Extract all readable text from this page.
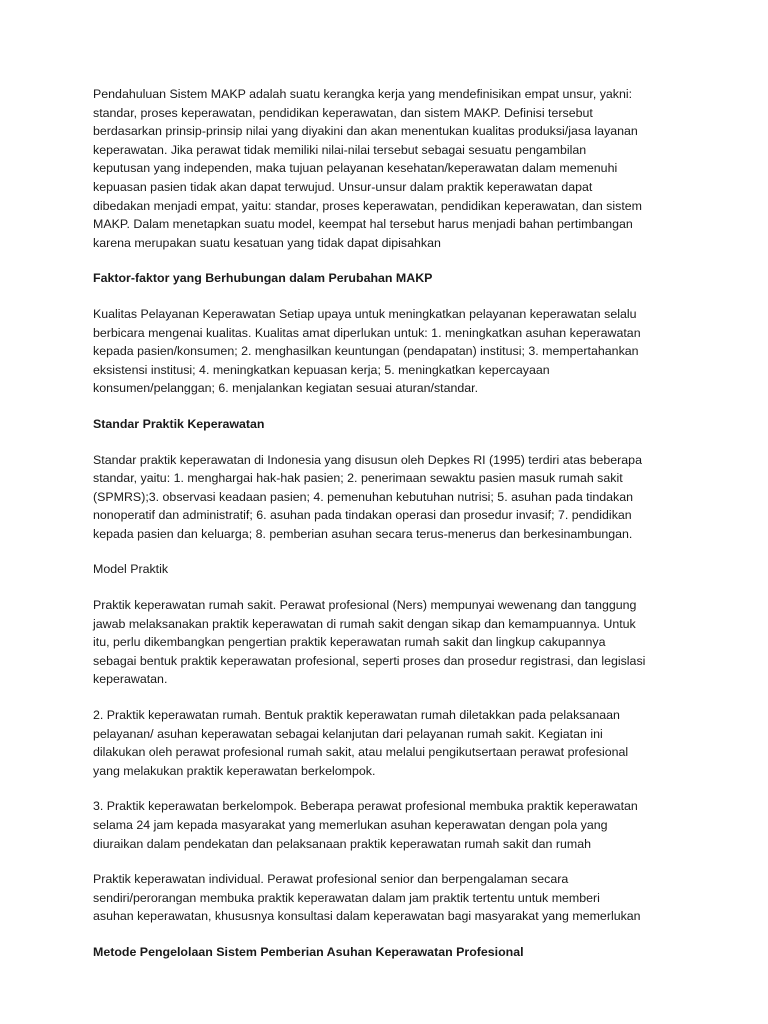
Pendahuluan Sistem MAKP adalah suatu kerangka kerja yang mendefinisikan empat unsur, yakni:
standar, proses keperawatan, pendidikan keperawatan, dan sistem MAKP. Definisi tersebut
berdasarkan prinsip-prinsip nilai yang diyakini dan akan menentukan kualitas produksi/jasa layanan
keperawatan. Jika perawat tidak memiliki nilai-nilai tersebut sebagai sesuatu pengambilan
keputusan yang independen, maka tujuan pelayanan kesehatan/keperawatan dalam memenuhi
kepuasan pasien tidak akan dapat terwujud. Unsur-unsur dalam praktik keperawatan dapat
dibedakan menjadi empat, yaitu: standar, proses keperawatan, pendidikan keperawatan, dan sistem
MAKP. Dalam menetapkan suatu model, keempat hal tersebut harus menjadi bahan pertimbangan
karena merupakan suatu kesatuan yang tidak dapat dipisahkan
Faktor-faktor yang Berhubungan dalam Perubahan MAKP
Kualitas Pelayanan Keperawatan Setiap upaya untuk meningkatkan pelayanan keperawatan selalu
berbicara mengenai kualitas. Kualitas amat diperlukan untuk: 1. meningkatkan asuhan keperawatan
kepada pasien/konsumen; 2. menghasilkan keuntungan (pendapatan) institusi; 3. mempertahankan
eksistensi institusi; 4. meningkatkan kepuasan kerja; 5. meningkatkan kepercayaan
konsumen/pelanggan; 6. menjalankan kegiatan sesuai aturan/standar.
Standar Praktik Keperawatan
Standar praktik keperawatan di Indonesia yang disusun oleh Depkes RI (1995) terdiri atas beberapa
standar, yaitu: 1. menghargai hak-hak pasien; 2. penerimaan sewaktu pasien masuk rumah sakit
(SPMRS);3. observasi keadaan pasien; 4. pemenuhan kebutuhan nutrisi; 5. asuhan pada tindakan
nonoperatif dan administratif; 6. asuhan pada tindakan operasi dan prosedur invasif; 7. pendidikan
kepada pasien dan keluarga; 8. pemberian asuhan secara terus-menerus dan berkesinambungan.
Model Praktik
Praktik keperawatan rumah sakit. Perawat profesional (Ners) mempunyai wewenang dan tanggung
jawab melaksanakan praktik keperawatan di rumah sakit dengan sikap dan kemampuannya. Untuk
itu, perlu dikembangkan pengertian praktik keperawatan rumah sakit dan lingkup cakupannya
sebagai bentuk praktik keperawatan profesional, seperti proses dan prosedur registrasi, dan legislasi
keperawatan.
2. Praktik keperawatan rumah. Bentuk praktik keperawatan rumah diletakkan pada pelaksanaan
pelayanan/ asuhan keperawatan sebagai kelanjutan dari pelayanan rumah sakit. Kegiatan ini
dilakukan oleh perawat profesional rumah sakit, atau melalui pengikutsertaan perawat profesional
yang melakukan praktik keperawatan berkelompok.
3. Praktik keperawatan berkelompok. Beberapa perawat profesional membuka praktik keperawatan
selama 24 jam kepada masyarakat yang memerlukan asuhan keperawatan dengan pola yang
diuraikan dalam pendekatan dan pelaksanaan praktik keperawatan rumah sakit dan rumah
Praktik keperawatan individual. Perawat profesional senior dan berpengalaman secara
sendiri/perorangan membuka praktik keperawatan dalam jam praktik tertentu untuk memberi
asuhan keperawatan, khususnya konsultasi dalam keperawatan bagi masyarakat yang memerlukan
Metode Pengelolaan Sistem Pemberian Asuhan Keperawatan Profesional
